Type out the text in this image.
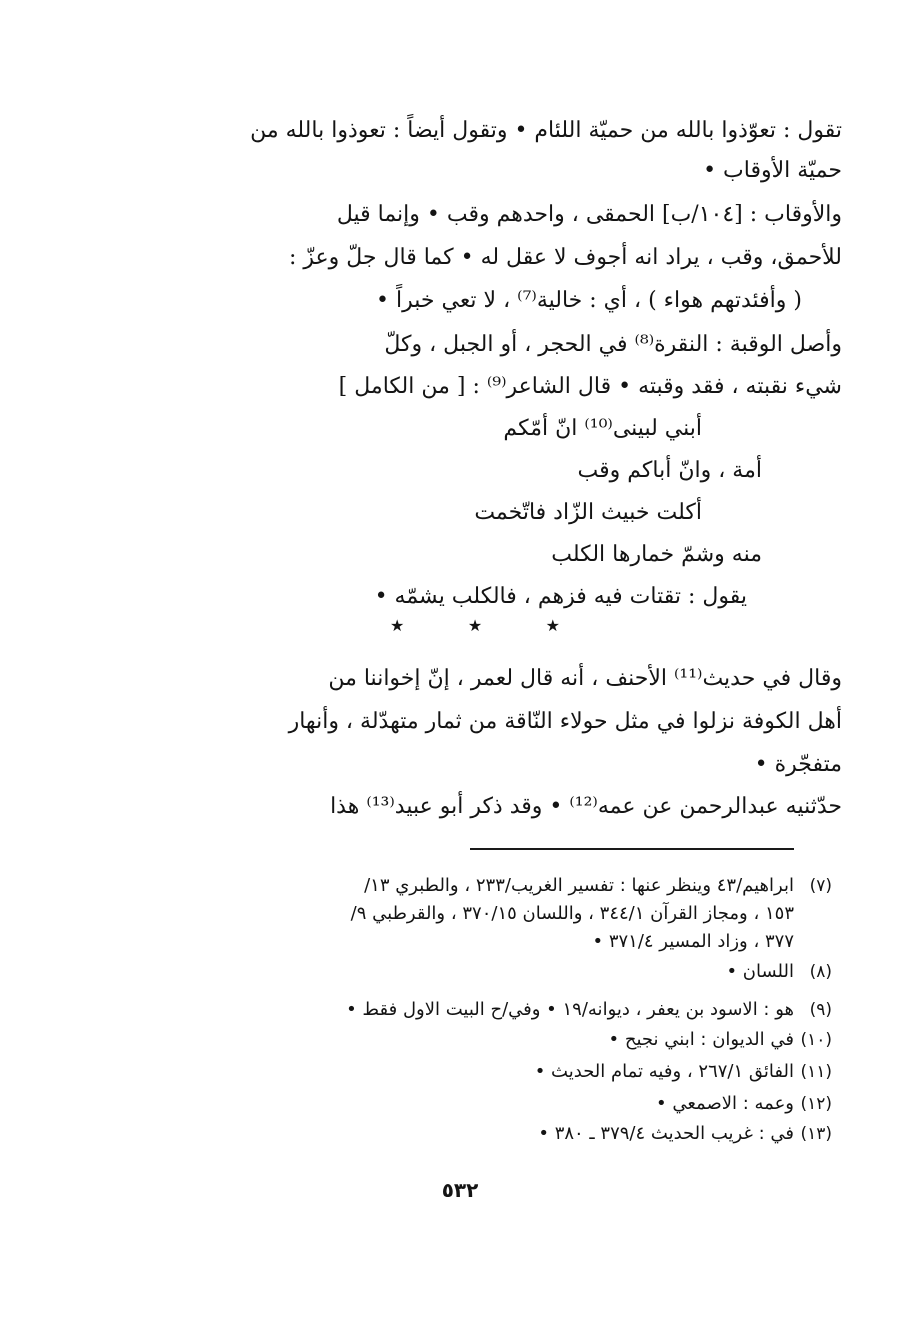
تقول : تعوّذوا بالله من حميّة اللئام • وتقول أيضاً : تعوذوا بالله من
حميّة الأوقاب •
والأوقاب : [١٠٤/ب] الحمقى ، واحدهم وقب • وإنما قيل
للأحمق، وقب ، يراد انه أجوف لا عقل له • كما قال جلّ وعزّ :
( وأفئدتهم هواء ) ، أي : خالية⁽⁷⁾ ، لا تعي خبراً •
وأصل الوقبة : النقرة⁽⁸⁾ في الحجر ، أو الجبل ، وكلّ
شيء نقبته ، فقد وقبته • قال الشاعر⁽⁹⁾ : [ من الكامل ]
أبني لبينى⁽¹⁰⁾ انّ أمّكم
أمة ، وانّ أباكم وقب
أكلت خبيث الزّاد فاتّخمت
منه وشمّ خمارها الكلب
يقول : تقتات فيه فزهم ، فالكلب يشمّه •
★	★	★
وقال في حديث⁽¹¹⁾ الأحنف ، أنه قال لعمر ، إنّ إخواننا من
أهل الكوفة نزلوا في مثل حولاء النّاقة من ثمار متهدّلة ، وأنهار
متفجّرة •
حدّثنيه عبدالرحمن عن عمه⁽¹²⁾ • وقد ذكر أبو عبيد⁽¹³⁾ هذا
(٧)
ابراهيم/٤٣ وينظر عنها : تفسير الغريب/٢٣٣ ، والطبري ١٣/
١٥٣ ، ومجاز القرآن ٣٤٤/١ ، واللسان ٣٧٠/١٥ ، والقرطبي ٩/
٣٧٧ ، وزاد المسير ٣٧١/٤ •
(٨)
اللسان •
(٩)
هو : الاسود بن يعفر ، ديوانه/١٩ • وفي/ح البيت الاول فقط •
(١٠)
في الديوان : ابني نجيح •
(١١)
الفائق ٢٦٧/١ ، وفيه تمام الحديث •
(١٢)
وعمه : الاصمعي •
(١٣)
في : غريب الحديث ٣٧٩/٤ ـ ٣٨٠ •
٥٣٢
